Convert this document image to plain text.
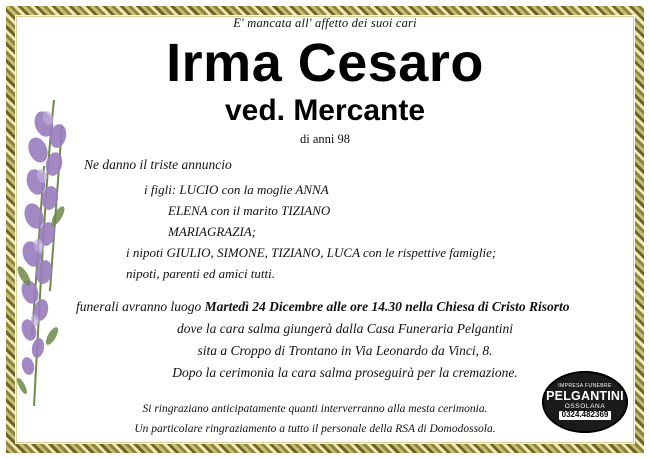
E' mancata all' affetto dei suoi cari
Irma Cesaro
ved. Mercante
di anni 98
Ne danno il triste annuncio
i figli: LUCIO con la moglie ANNA
ELENA con il marito TIZIANO
MARIAGRAZIA;
i nipoti GIULIO, SIMONE, TIZIANO, LUCA con le rispettive famiglie;
nipoti, parenti ed amici tutti.
funerali avranno luogo Martedì 24 Dicembre alle ore 14.30 nella Chiesa di Cristo Risorto
dove la cara salma giungerà dalla Casa Funeraria Pelgantini
sita a Croppo di Trontano in Via Leonardo da Vinci, 8.
Dopo la cerimonia la cara salma proseguirà per la cremazione.
Si ringraziano anticipatamente quanti interverranno alla mesta cerimonia.
Un particolare ringraziamento a tutto il personale della RSA di Domodossola.
IMPRESA FUNEBRE
PELGANTINI
OSSOLANA
0324.482369
